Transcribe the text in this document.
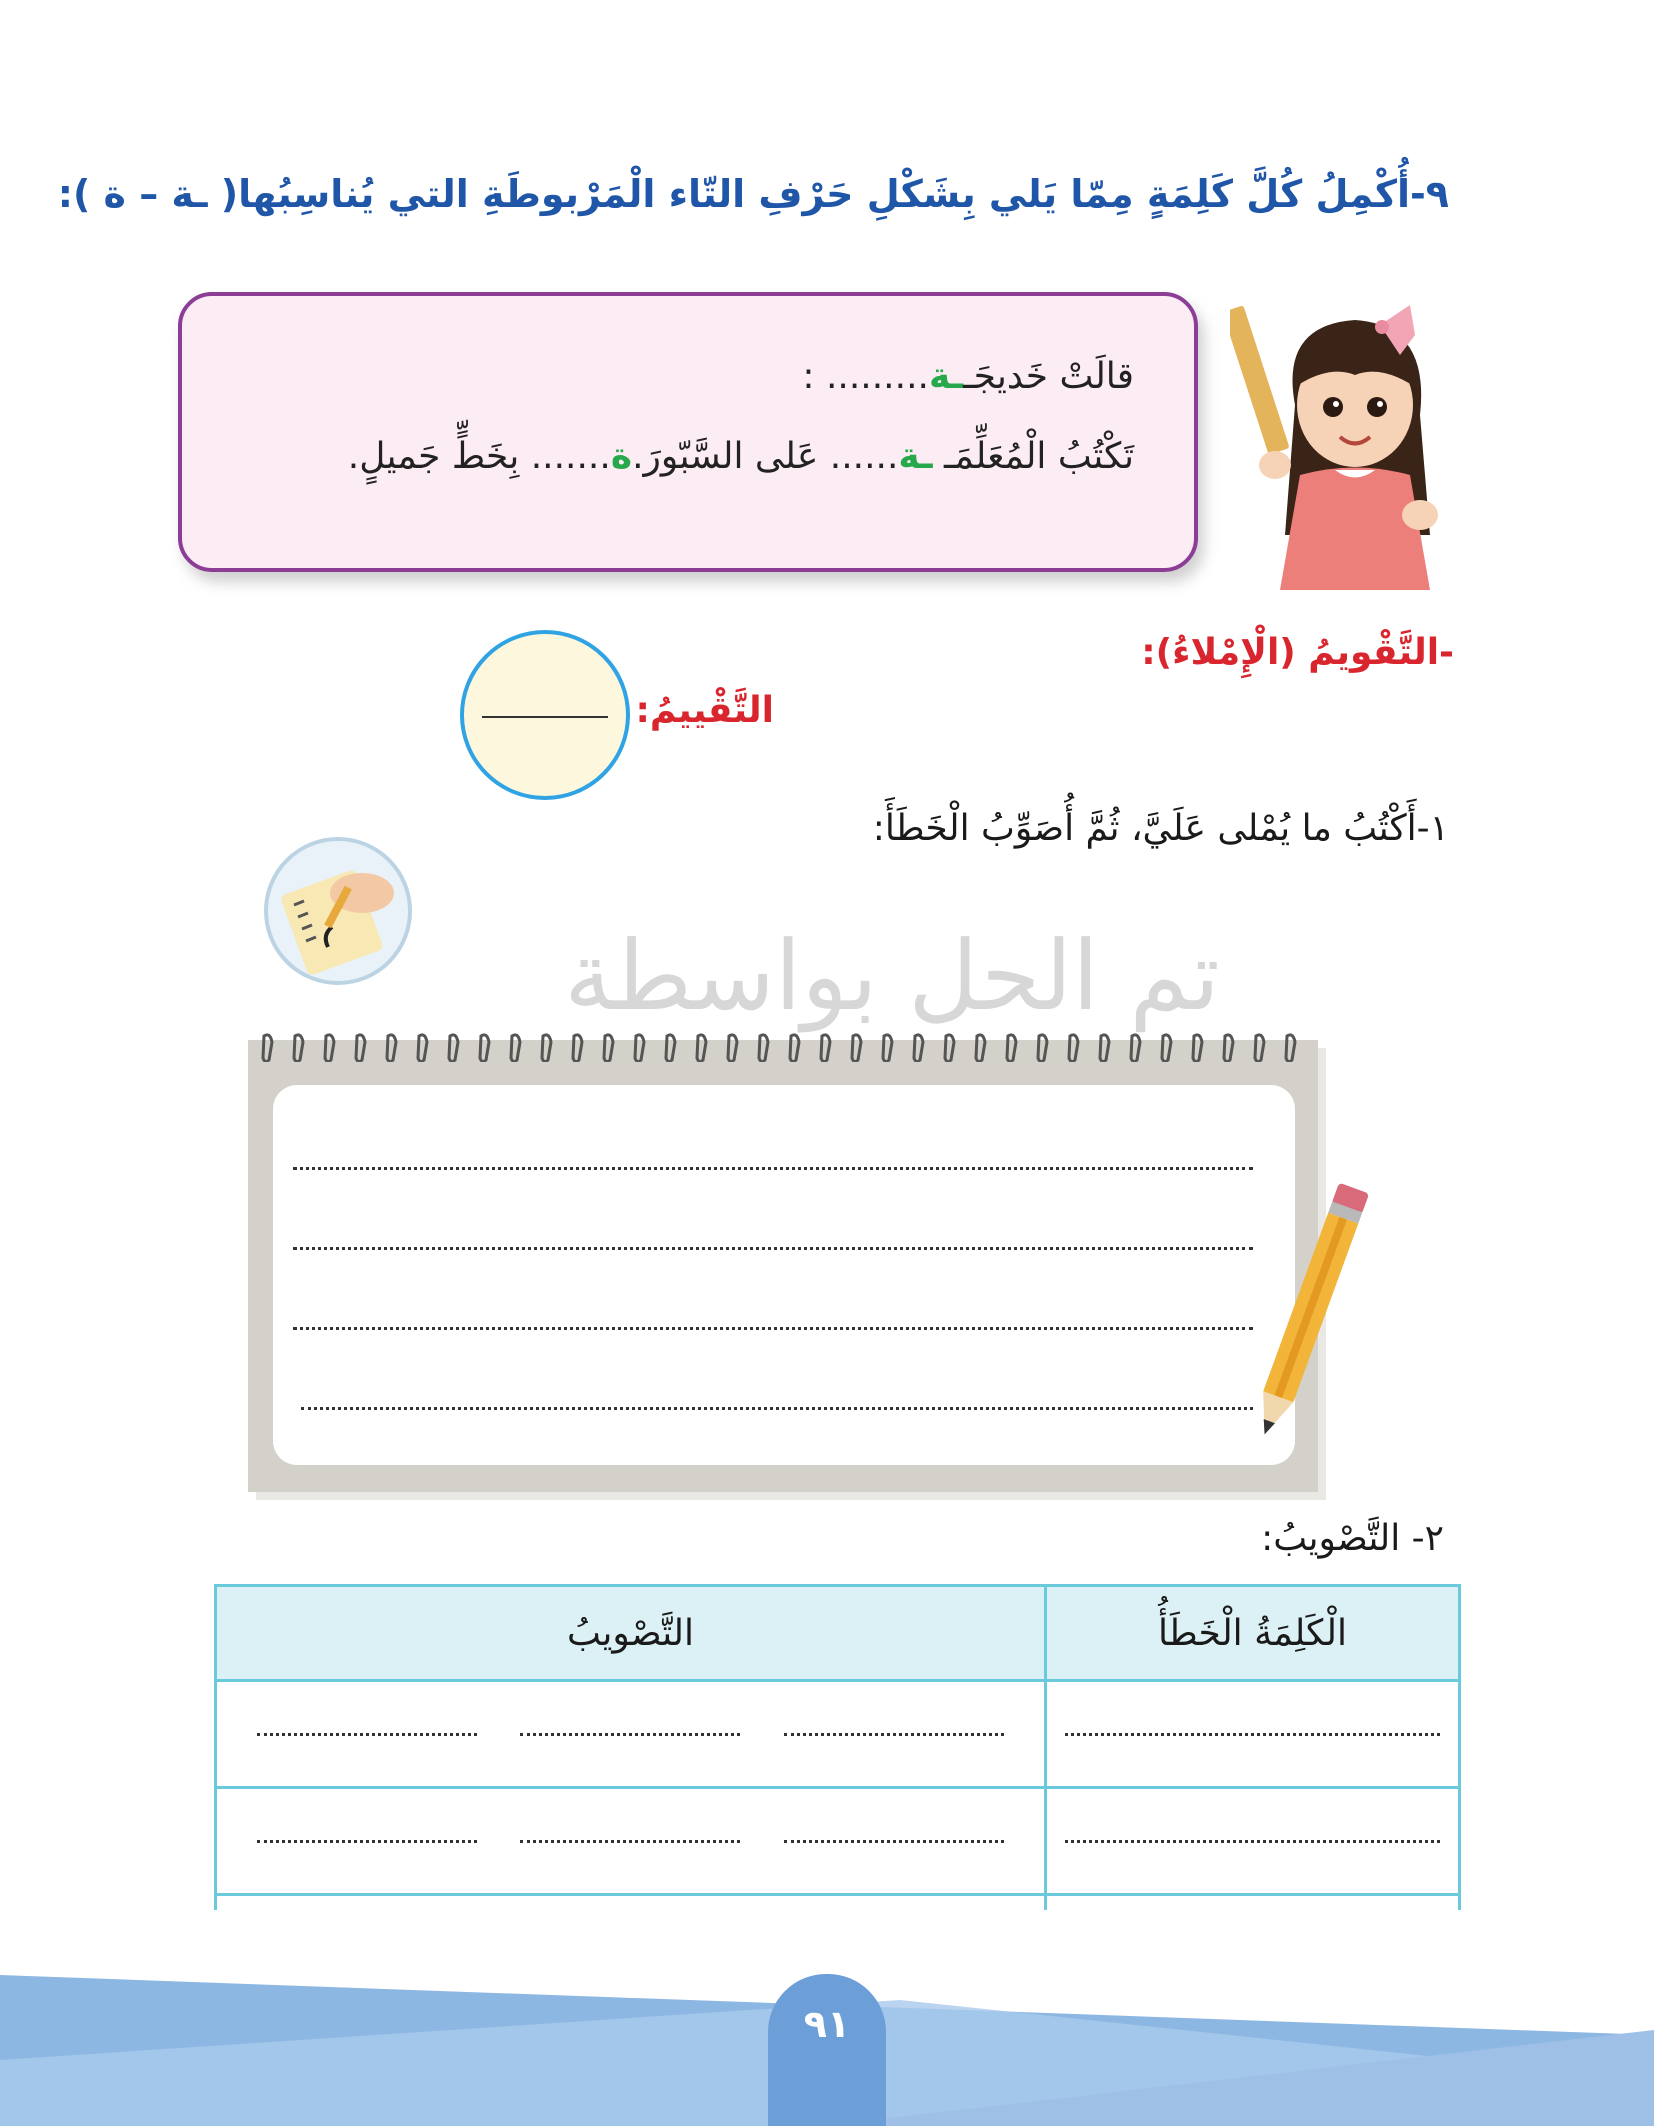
٩-أُكْمِلُ كُلَّ كَلِمَةٍ مِمّا يَلي بِشَكْلِ حَرْفِ التّاء الْمَرْبوطَةِ التي يُناسِبُها( ـة – ة ):
قالَتْ خَديجَــة......... :
تَكْتُبُ الْمُعَلِّمَـ ـة...... عَلى السَّبّورَ.ة....... بِخَطٍّ جَميلٍ.
-التَّقْويمُ (الْإِمْلاءُ):
التَّقْييمُ:
١-أَكْتُبُ ما يُمْلى عَلَيَّ، ثُمَّ أُصَوِّبُ الْخَطَأَ:
تم الحل بواسطة
٢- التَّصْويبُ:
الْكَلِمَةُ الْخَطَأُ	التَّصْويبُ

٩١
